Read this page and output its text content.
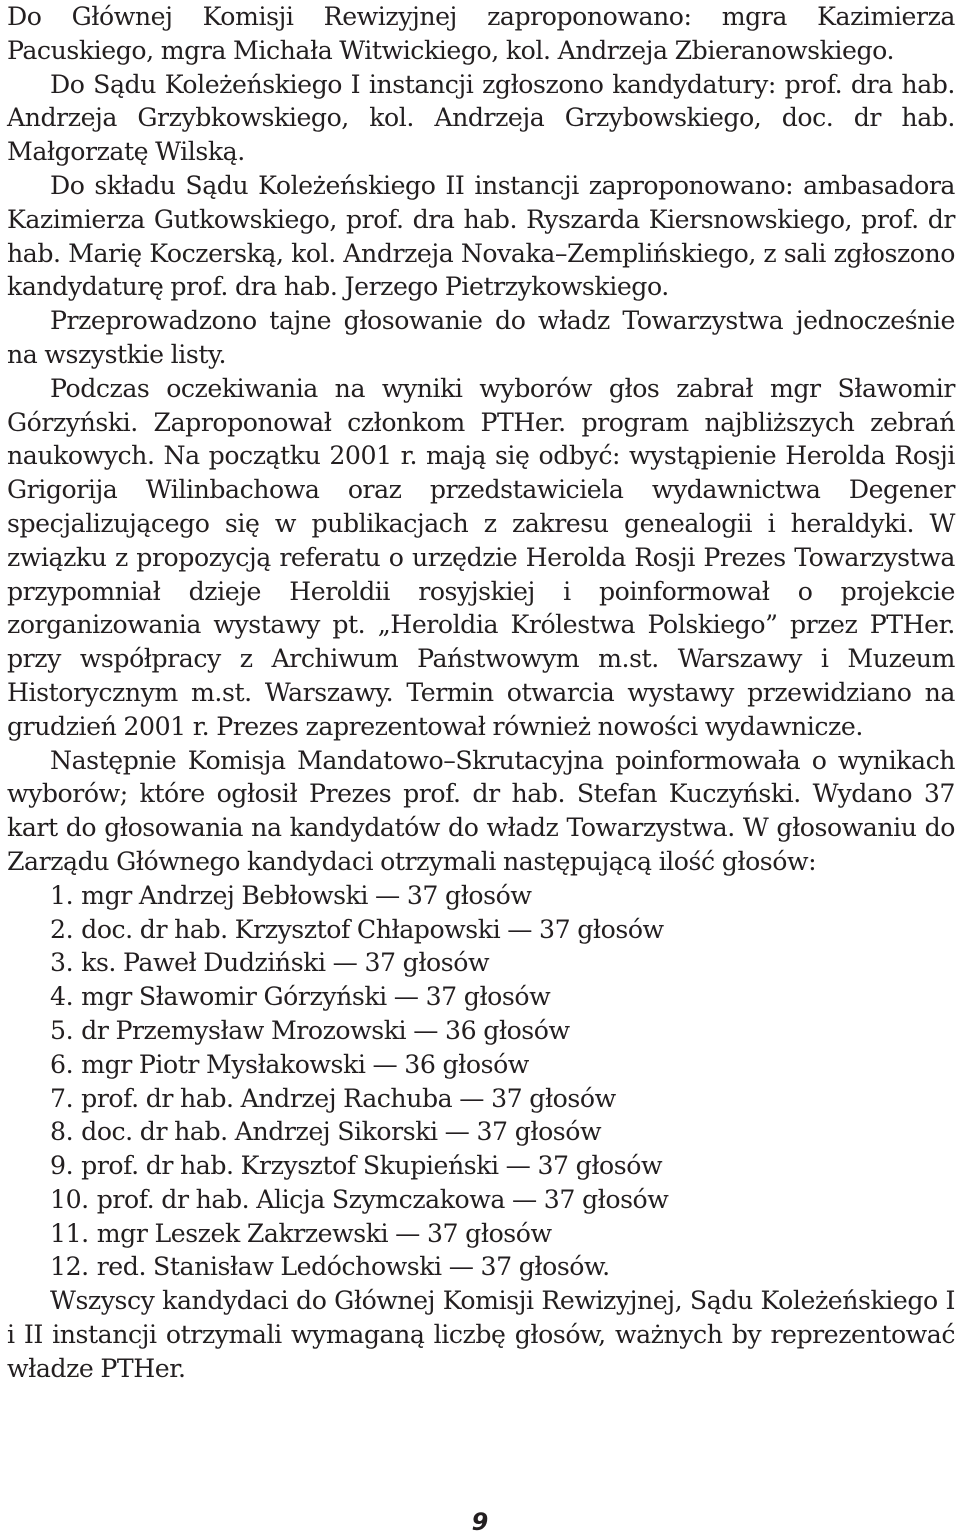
Do Głównej Komisji Rewizyjnej zaproponowano: mgra Kazimierza Pacuskiego, mgra Michała Witwickiego, kol. Andrzeja Zbieranowskiego.

Do Sądu Koleżeńskiego I instancji zgłoszono kandydatury: prof. dra hab. Andrzeja Grzybkowskiego, kol. Andrzeja Grzybowskiego, doc. dr hab. Małgorzatę Wilską.

Do składu Sądu Koleżeńskiego II instancji zaproponowano: ambasadora Kazimierza Gutkowskiego, prof. dra hab. Ryszarda Kiersnowskiego, prof. dr hab. Marię Koczerską, kol. Andrzeja Novaka–Zemplińskiego, z sali zgłoszono kandydaturę prof. dra hab. Jerzego Pietrzykowskiego.

Przeprowadzono tajne głosowanie do władz Towarzystwa jednocześnie na wszystkie listy.

Podczas oczekiwania na wyniki wyborów głos zabrał mgr Sławomir Górzyński. Zaproponował członkom PTHer. program najbliższych zebrań naukowych. Na początku 2001 r. mają się odbyć: wystąpienie Herolda Rosji Grigorija Wilinbachowa oraz przedstawiciela wydawnictwa Degener specjalizującego się w publikacjach z zakresu genealogii i heraldyki. W związku z propozycją referatu o urzędzie Herolda Rosji Prezes Towarzystwa przypomniał dzieje Heroldii rosyjskiej i poinformował o projekcie zorganizowania wystawy pt. „Heroldia Królestwa Polskiego” przez PTHer. przy współpracy z Archiwum Państwowym m.st. Warszawy i Muzeum Historycznym m.st. Warszawy. Termin otwarcia wystawy przewidziano na grudzień 2001 r. Prezes zaprezentował również nowości wydawnicze.

Następnie Komisja Mandatowo–Skrutacyjna poinformowała o wynikach wyborów; które ogłosił Prezes prof. dr hab. Stefan Kuczyński. Wydano 37 kart do głosowania na kandydatów do władz Towarzystwa. W głosowaniu do Zarządu Głównego kandydaci otrzymali następującą ilość głosów:

1. mgr Andrzej Bebłowski — 37 głosów
2. doc. dr hab. Krzysztof Chłapowski — 37 głosów
3. ks. Paweł Dudziński — 37 głosów
4. mgr Sławomir Górzyński — 37 głosów
5. dr Przemysław Mrozowski — 36 głosów
6. mgr Piotr Mysłakowski — 36 głosów
7. prof. dr hab. Andrzej Rachuba — 37 głosów
8. doc. dr hab. Andrzej Sikorski — 37 głosów
9. prof. dr hab. Krzysztof Skupieński — 37 głosów
10. prof. dr hab. Alicja Szymczakowa — 37 głosów
11. mgr Leszek Zakrzewski — 37 głosów
12. red. Stanisław Ledóchowski — 37 głosów.

Wszyscy kandydaci do Głównej Komisji Rewizyjnej, Sądu Koleżeńskiego I i II instancji otrzymali wymaganą liczbę głosów, ważnych by reprezentować władze PTHer.

9
